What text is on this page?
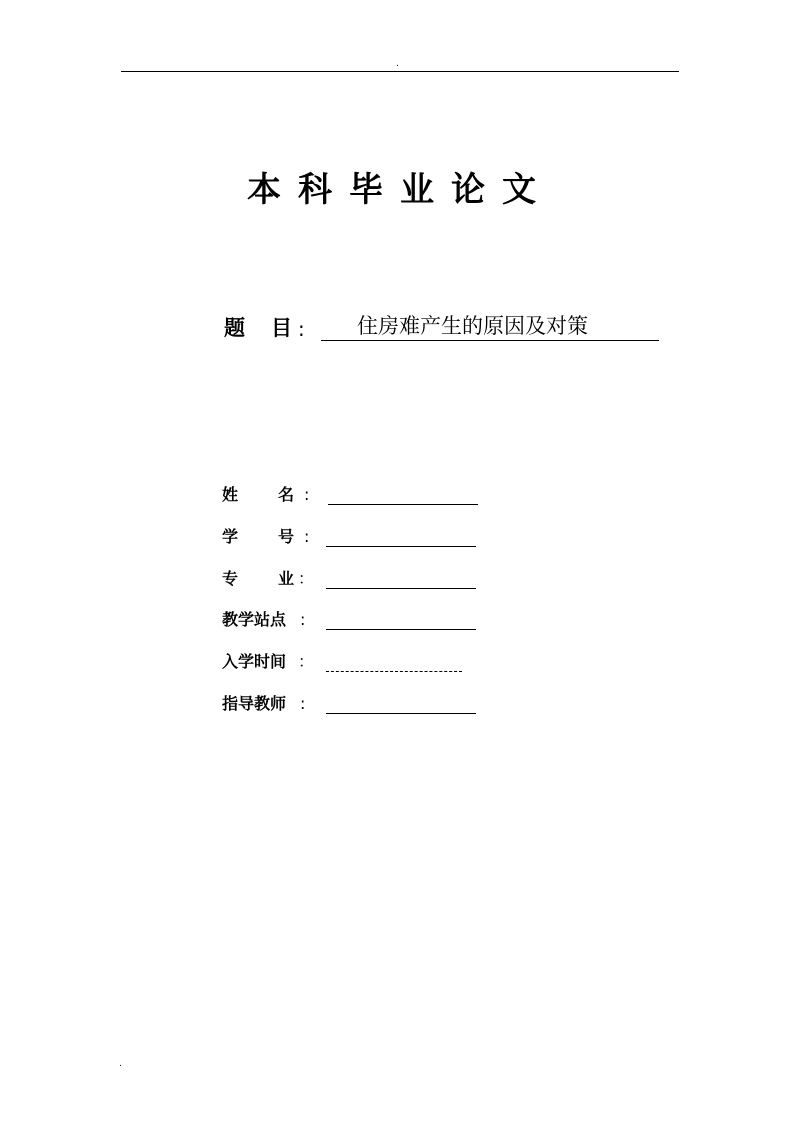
.
本科毕业论文
题 目 : 住房难产生的原因及对策
姓	名 :
学	号 :
专	业 ：
教学站点 :
入学时间 ：
指导教师 :
.
